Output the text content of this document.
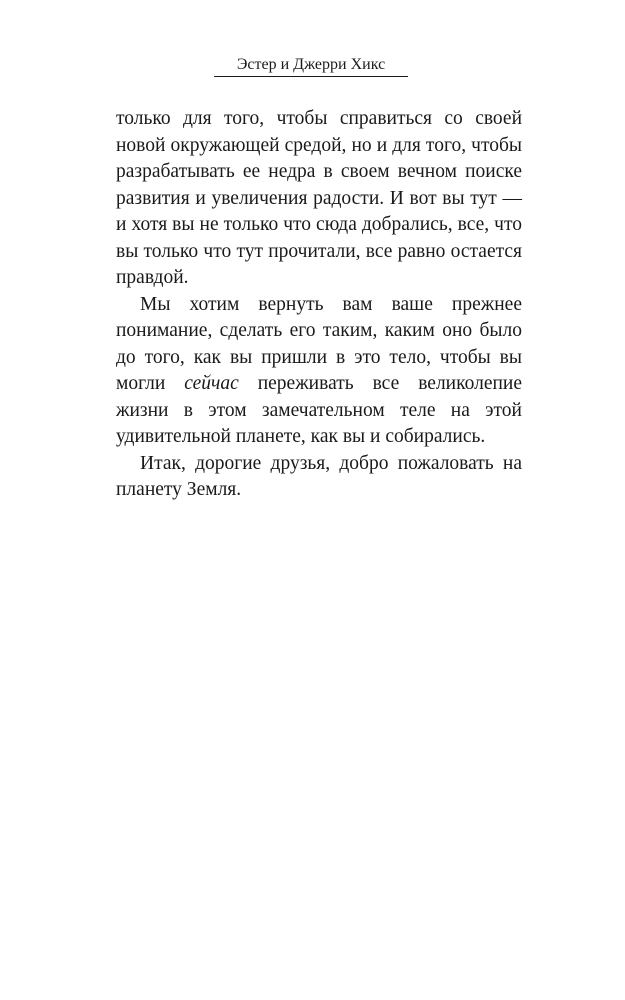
Эстер и Джерри Хикс

только для того, чтобы справиться со своей новой окружающей средой, но и для того, чтобы разрабатывать ее недра в своем вечном поиске развития и увеличения радости. И вот вы тут — и хотя вы не только что сюда добрались, все, что вы только что тут прочитали, все равно остается правдой.

Мы хотим вернуть вам ваше прежнее понимание, сделать его таким, каким оно было до того, как вы пришли в это тело, чтобы вы могли сейчас переживать все великолепие жизни в этом замечательном теле на этой удивительной планете, как вы и собирались.

Итак, дорогие друзья, добро пожаловать на планету Земля.
